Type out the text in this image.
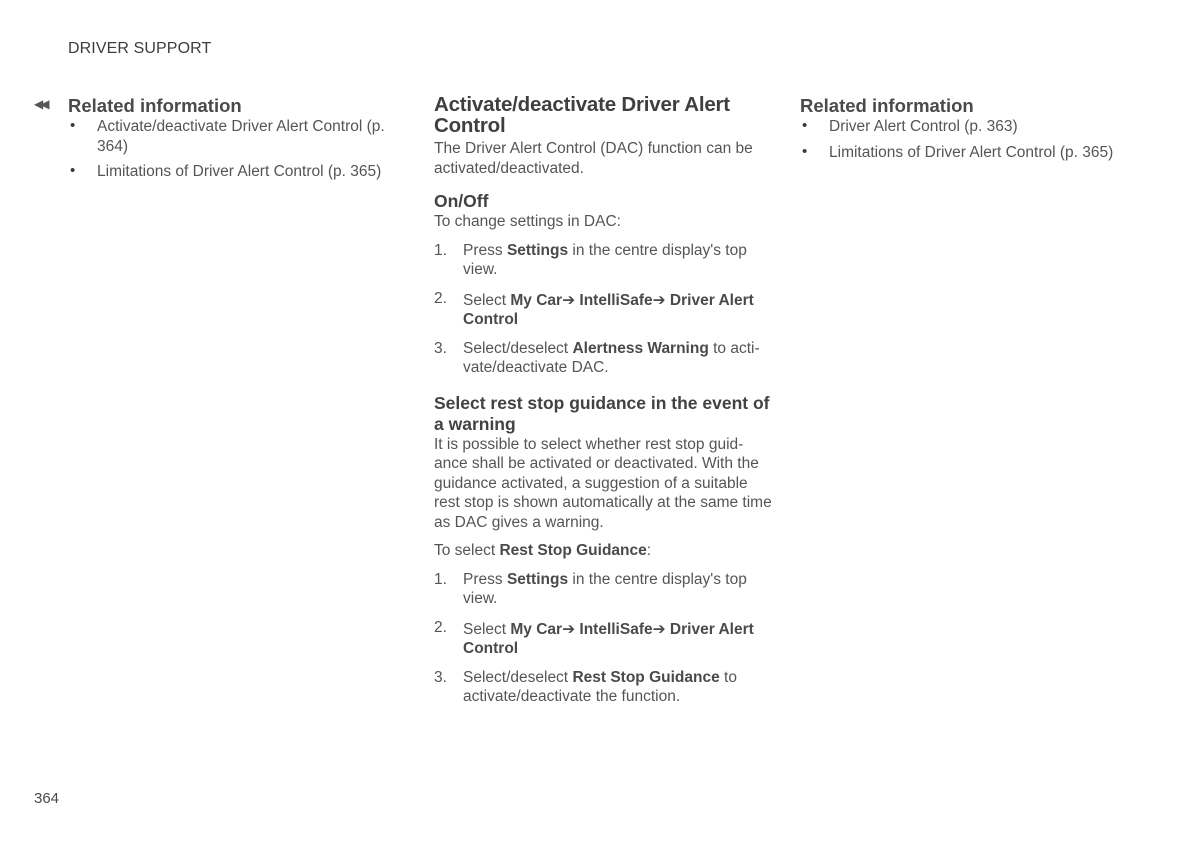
DRIVER SUPPORT
◀◀ Related information
• Activate/deactivate Driver Alert Control (p. 364)
• Limitations of Driver Alert Control (p. 365)
Activate/deactivate Driver Alert Control

The Driver Alert Control (DAC) function can be activated/deactivated.

On/Off

To change settings in DAC:

1. Press Settings in the centre display's top view.
2. Select My Car➔ IntelliSafe➔ Driver Alert Control
3. Select/deselect Alertness Warning to acti-vate/deactivate DAC.
Select rest stop guidance in the event of a warning

It is possible to select whether rest stop guid-ance shall be activated or deactivated. With the guidance activated, a suggestion of a suitable rest stop is shown automatically at the same time as DAC gives a warning.

To select Rest Stop Guidance:

1. Press Settings in the centre display's top view.
2. Select My Car➔ IntelliSafe➔ Driver Alert Control
3. Select/deselect Rest Stop Guidance to activate/deactivate the function.
Related information
• Driver Alert Control (p. 363)
• Limitations of Driver Alert Control (p. 365)
364
